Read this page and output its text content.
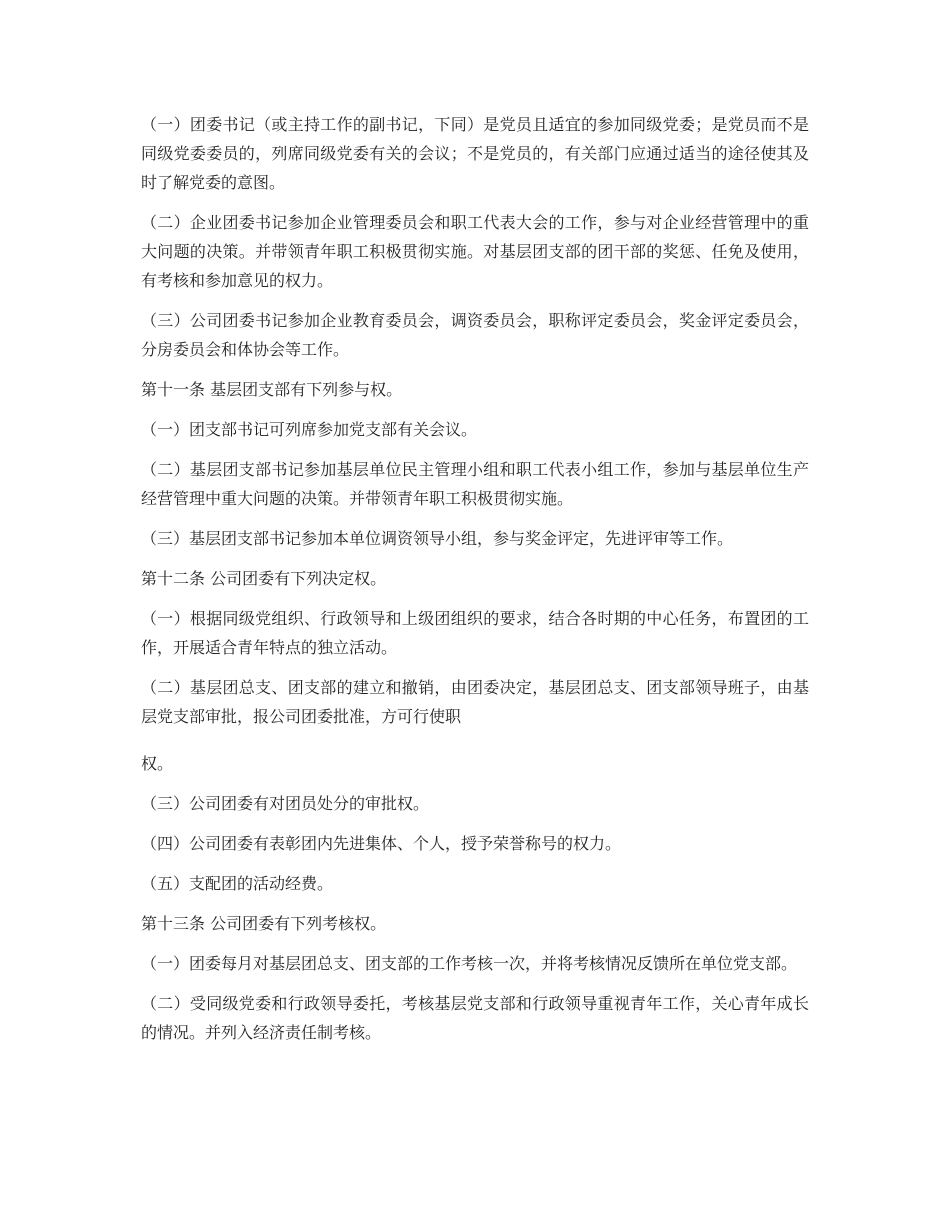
（一）团委书记（或主持工作的副书记，下同）是党员且适宜的参加同级党委；是党员而不是同级党委委员的，列席同级党委有关的会议；不是党员的，有关部门应通过适当的途径使其及时了解党委的意图。

（二）企业团委书记参加企业管理委员会和职工代表大会的工作，参与对企业经营管理中的重大问题的决策。并带领青年职工积极贯彻实施。对基层团支部的团干部的奖惩、任免及使用，有考核和参加意见的权力。

（三）公司团委书记参加企业教育委员会，调资委员会，职称评定委员会，奖金评定委员会，分房委员会和体协会等工作。

第十一条 基层团支部有下列参与权。

（一）团支部书记可列席参加党支部有关会议。

（二）基层团支部书记参加基层单位民主管理小组和职工代表小组工作，参加与基层单位生产经营管理中重大问题的决策。并带领青年职工积极贯彻实施。

（三）基层团支部书记参加本单位调资领导小组，参与奖金评定，先进评审等工作。

第十二条 公司团委有下列决定权。

（一）根据同级党组织、行政领导和上级团组织的要求，结合各时期的中心任务，布置团的工作，开展适合青年特点的独立活动。

（二）基层团总支、团支部的建立和撤销，由团委决定，基层团总支、团支部领导班子，由基层党支部审批，报公司团委批准，方可行使职

权。

（三）公司团委有对团员处分的审批权。

（四）公司团委有表彰团内先进集体、个人，授予荣誉称号的权力。

（五）支配团的活动经费。

第十三条 公司团委有下列考核权。

（一）团委每月对基层团总支、团支部的工作考核一次，并将考核情况反馈所在单位党支部。

（二）受同级党委和行政领导委托，考核基层党支部和行政领导重视青年工作，关心青年成长的情况。并列入经济责任制考核。
